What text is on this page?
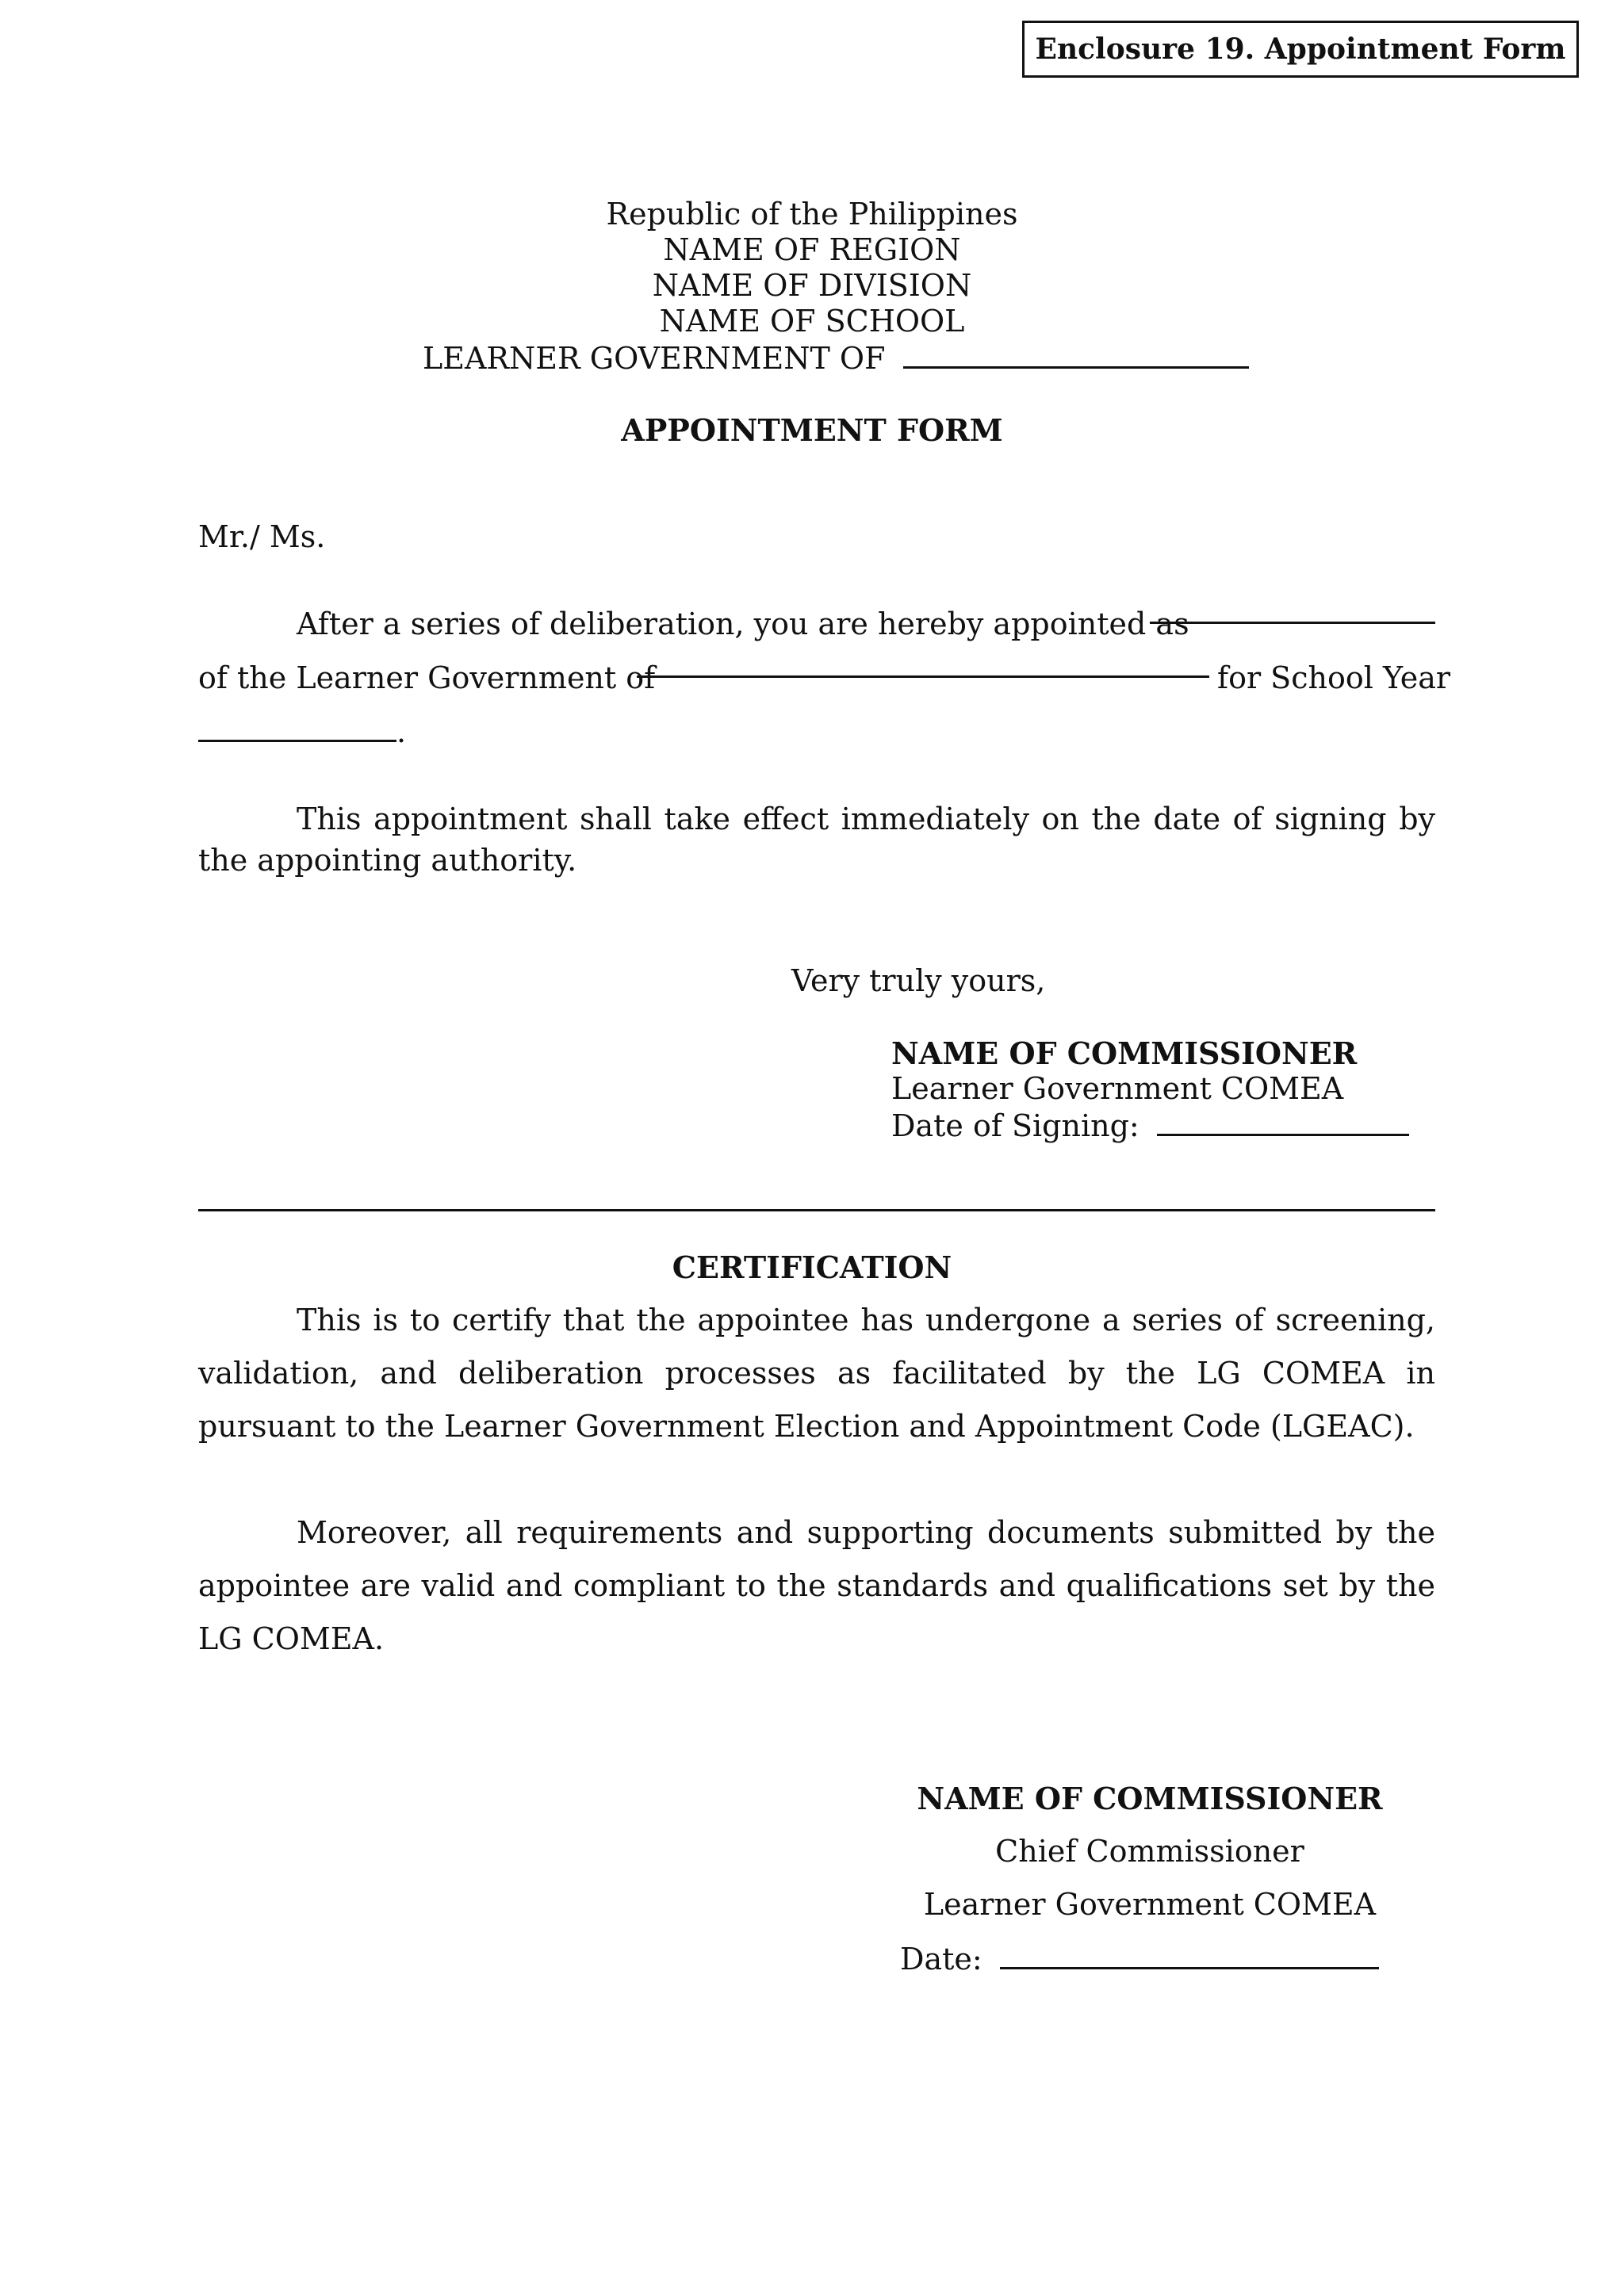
Enclosure 19. Appointment Form
Republic of the Philippines
NAME OF REGION
NAME OF DIVISION
NAME OF SCHOOL
LEARNER GOVERNMENT OF
APPOINTMENT FORM
Mr./ Ms.
After a series of deliberation, you are hereby appointed as
of the Learner Government of	for School Year
.
This appointment shall take effect immediately on the date of signing by the appointing authority.
Very truly yours,
NAME OF COMMISSIONER
Learner Government COMEA
Date of Signing:
CERTIFICATION
This is to certify that the appointee has undergone a series of screening, validation, and deliberation processes as facilitated by the LG COMEA in pursuant to the Learner Government Election and Appointment Code (LGEAC).
Moreover, all requirements and supporting documents submitted by the appointee are valid and compliant to the standards and qualifications set by the LG COMEA.
NAME OF COMMISSIONER
Chief Commissioner
Learner Government COMEA
Date:
